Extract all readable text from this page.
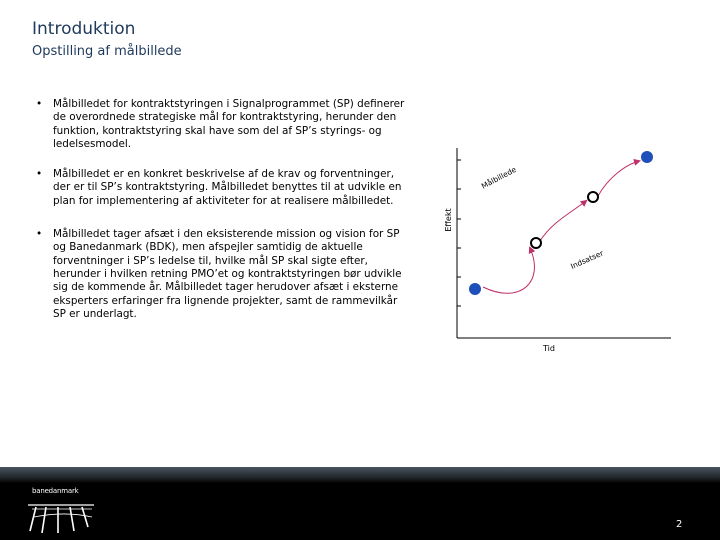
Introduktion
Opstilling af målbillede
• Målbilledet for kontraktstyringen i Signalprogrammet (SP) definerer de overordnede strategiske mål for kontraktstyring, herunder den funktion, kontraktstyring skal have som del af SP’s styrings- og ledelsesmodel.
• Målbilledet er en konkret beskrivelse af de krav og forventninger, der er til SP’s kontraktstyring. Målbilledet benyttes til at udvikle en plan for implementering af aktiviteter for at realisere målbilledet.
• Målbilledet tager afsæt i den eksisterende mission og vision for SP og Banedanmark (BDK), men afspejler samtidig de aktuelle forventninger i SP’s ledelse til, hvilke mål SP skal sigte efter, herunder i hvilken retning PMO’et og kontraktstyringen bør udvikle sig de kommende år. Målbilledet tager herudover afsæt i eksterne eksperters erfaringer fra lignende projekter, samt de rammevilkår SP er underlagt.
Effekt
Tid
Målbillede
Indsatser
banedanmark
2
